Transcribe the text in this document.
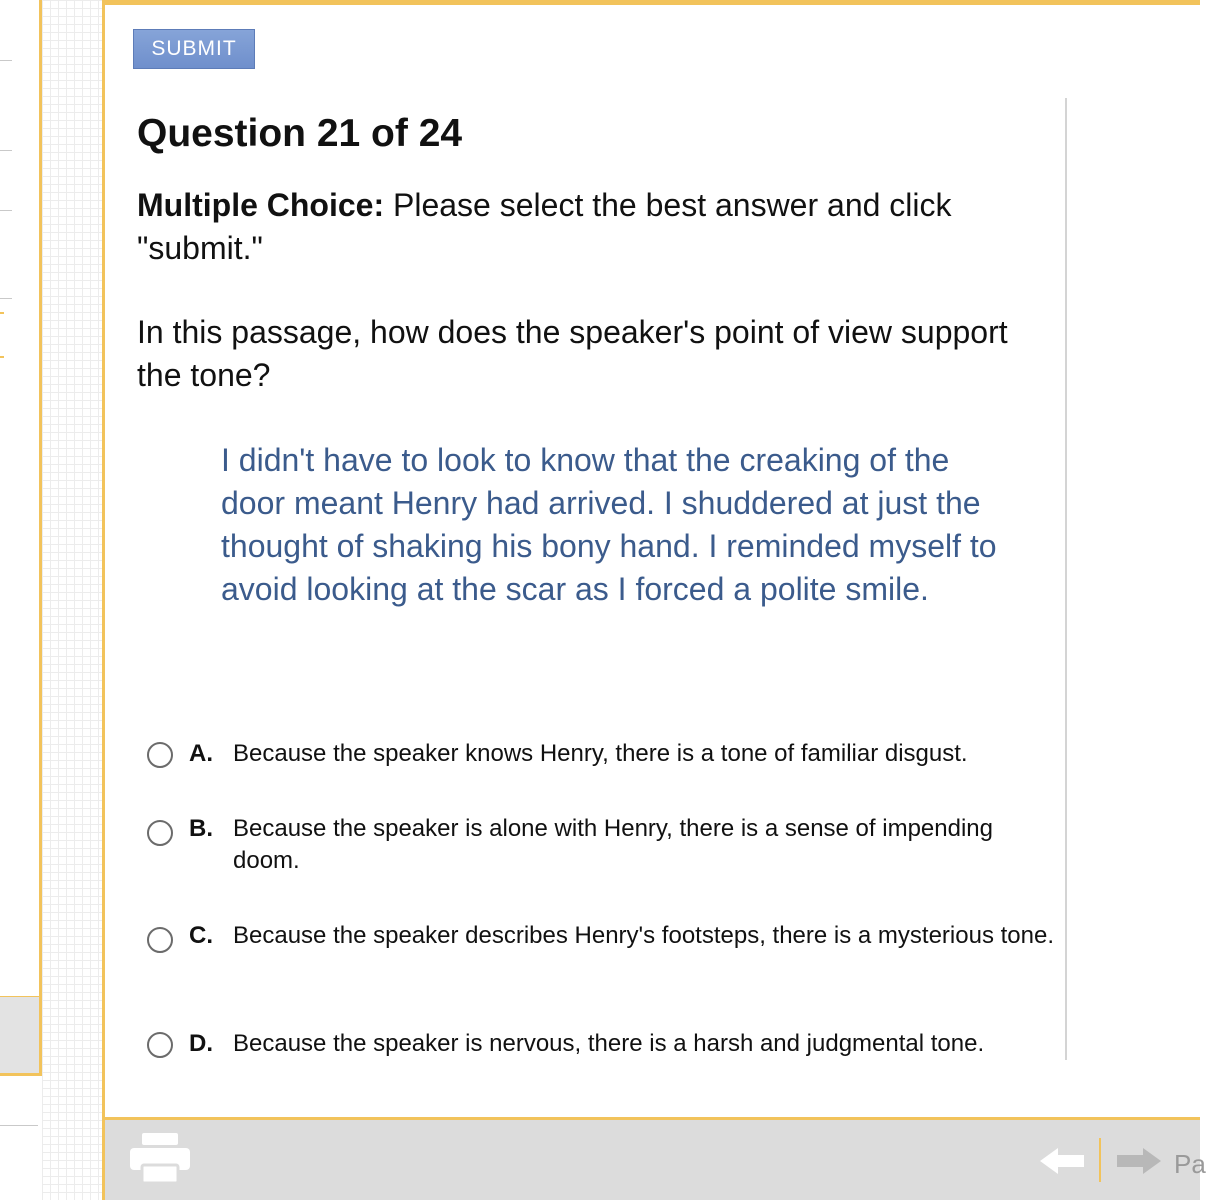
SUBMIT
Question 21 of 24
Multiple Choice: Please select the best answer and click "submit."
In this passage, how does the speaker's point of view support the tone?
I didn't have to look to know that the creaking of the door meant Henry had arrived. I shuddered at just the thought of shaking his bony hand. I reminded myself to avoid looking at the scar as I forced a polite smile.
A. Because the speaker knows Henry, there is a tone of familiar disgust.
B. Because the speaker is alone with Henry, there is a sense of impending doom.
C. Because the speaker describes Henry's footsteps, there is a mysterious tone.
D. Because the speaker is nervous, there is a harsh and judgmental tone.
Pa
